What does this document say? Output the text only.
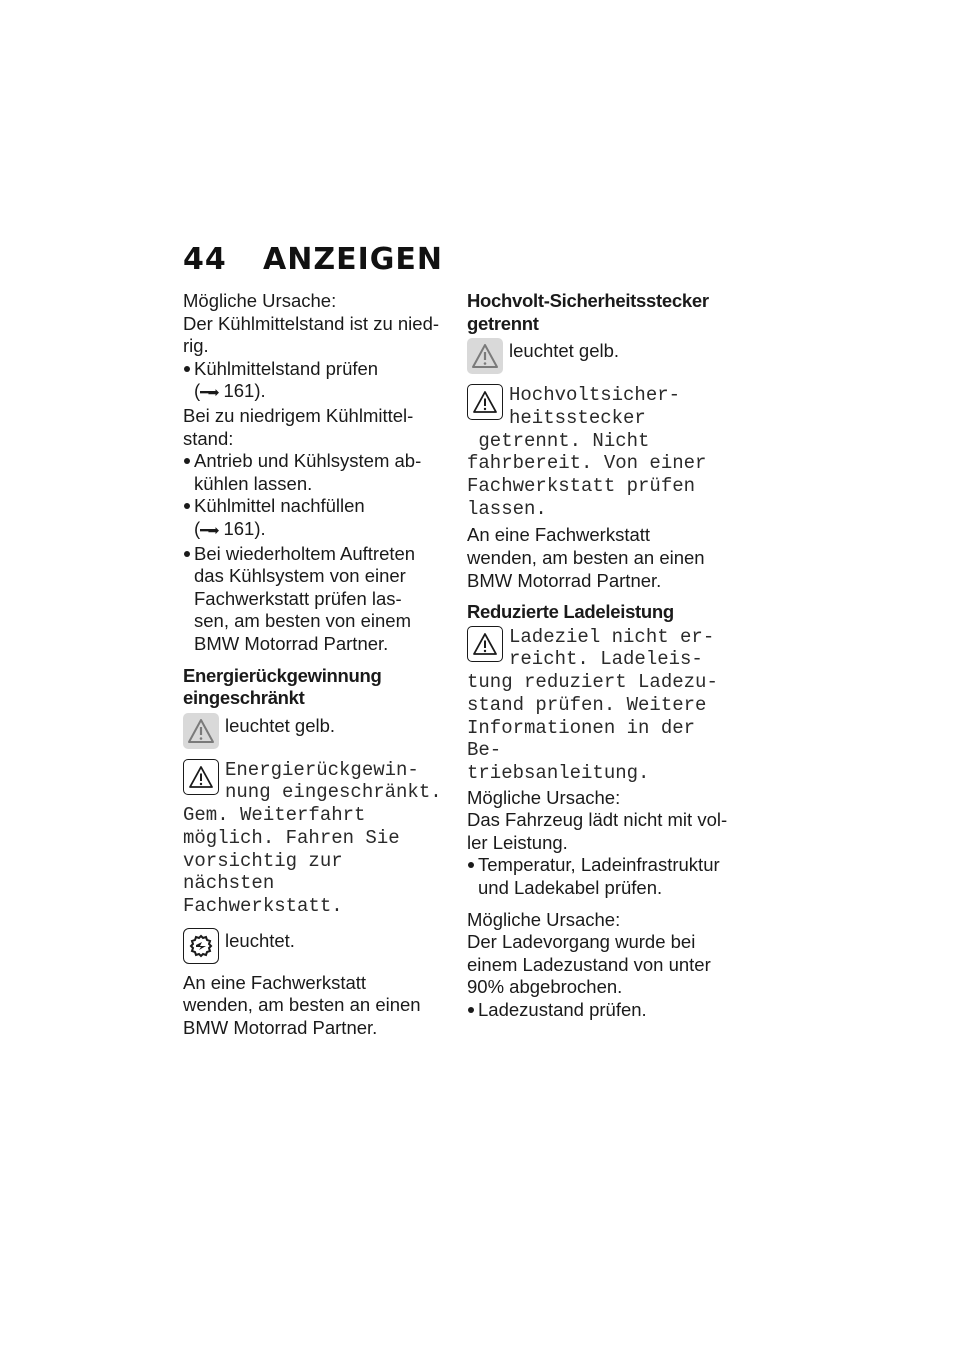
44 ANZEIGEN

Mögliche Ursache:

Der Kühlmittelstand ist zu nied-

rig.

Kühlmittelstand prüfen
(━➡ 161).

Bei zu niedrigem Kühlmittel-

stand:

Antrieb und Kühlsystem ab-
kühlen lassen.
Kühlmittel nachfüllen
(━➡ 161).
Bei wiederholtem Auftreten
das Kühlsystem von einer
Fachwerkstatt prüfen las-
sen, am besten von einem
BMW Motorrad Partner.

Energierückgewinnung

eingeschränkt

leuchtet gelb.
Energierückgewin-
nung eingeschränkt.
Gem. Weiterfahrt
möglich. Fahren Sie
vorsichtig zur nächsten
Fachwerkstatt.
leuchtet.

An eine Fachwerkstatt

wenden, am besten an einen

BMW Motorrad Partner.

Hochvolt-Sicherheitsstecker

getrennt

leuchtet gelb.
Hochvoltsicher-
heitsstecker
getrennt. Nicht
fahrbereit. Von einer
Fachwerkstatt prüfen
lassen.

An eine Fachwerkstatt

wenden, am besten an einen

BMW Motorrad Partner.

Reduzierte Ladeleistung

Ladeziel nicht er-
reicht. Ladeleis-
tung reduziert Ladezu-
stand prüfen. Weitere
Informationen in der Be-
triebsanleitung.

Mögliche Ursache:

Das Fahrzeug lädt nicht mit vol-

ler Leistung.

Temperatur, Ladeinfrastruktur
und Ladekabel prüfen.

Mögliche Ursache:

Der Ladevorgang wurde bei

einem Ladezustand von unter

90% abgebrochen.

Ladezustand prüfen.
